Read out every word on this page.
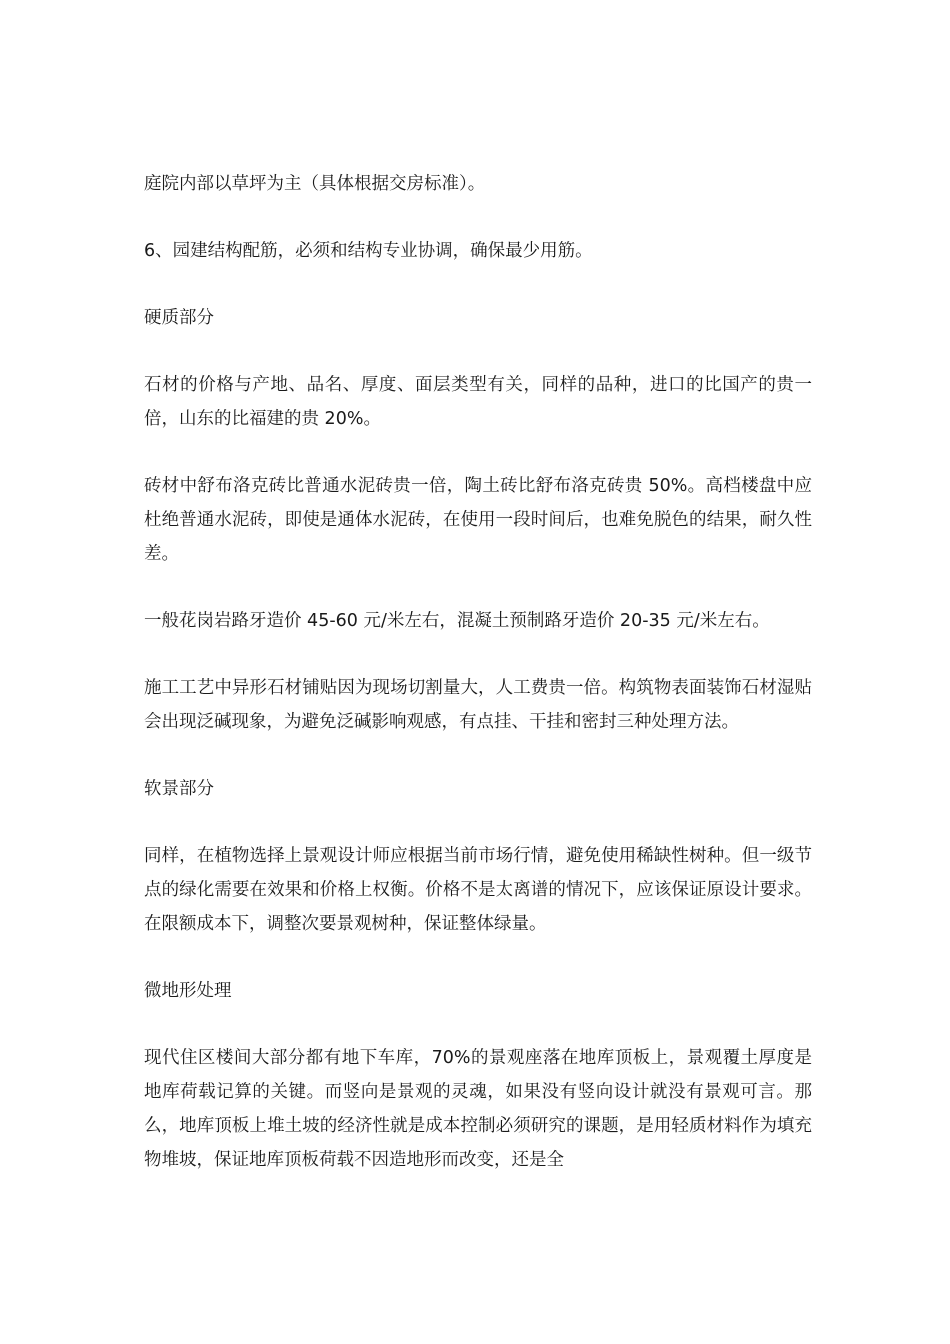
庭院内部以草坪为主（具体根据交房标准）。

6、园建结构配筋，必须和结构专业协调，确保最少用筋。

硬质部分

石材的价格与产地、品名、厚度、面层类型有关，同样的品种，进口的比国产的贵一倍，山东的比福建的贵 20%。

砖材中舒布洛克砖比普通水泥砖贵一倍，陶土砖比舒布洛克砖贵 50%。高档楼盘中应杜绝普通水泥砖，即使是通体水泥砖，在使用一段时间后，也难免脱色的结果，耐久性差。

一般花岗岩路牙造价 45-60 元/米左右，混凝土预制路牙造价 20-35 元/米左右。

施工工艺中异形石材铺贴因为现场切割量大，人工费贵一倍。构筑物表面装饰石材湿贴会出现泛碱现象，为避免泛碱影响观感，有点挂、干挂和密封三种处理方法。

软景部分

同样，在植物选择上景观设计师应根据当前市场行情，避免使用稀缺性树种。但一级节点的绿化需要在效果和价格上权衡。价格不是太离谱的情况下，应该保证原设计要求。在限额成本下，调整次要景观树种，保证整体绿量。

微地形处理

现代住区楼间大部分都有地下车库，70%的景观座落在地库顶板上，景观覆土厚度是地库荷载记算的关键。而竖向是景观的灵魂，如果没有竖向设计就没有景观可言。那么，地库顶板上堆土坡的经济性就是成本控制必须研究的课题，是用轻质材料作为填充物堆坡，保证地库顶板荷载不因造地形而改变，还是全
